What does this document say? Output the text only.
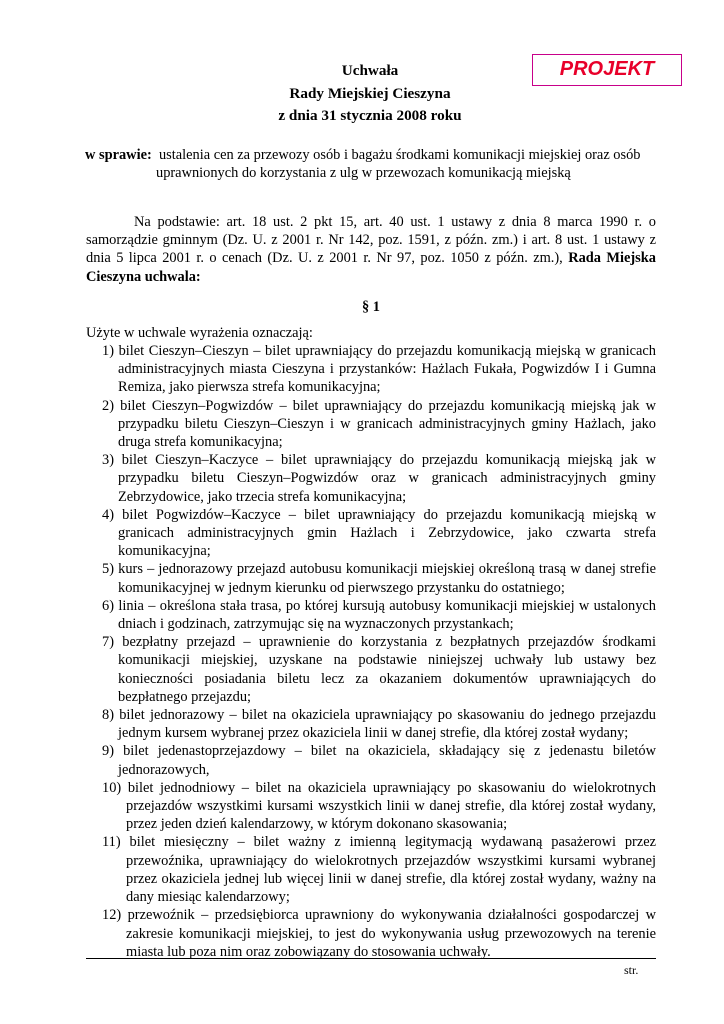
PROJEKT
Uchwała
Rady Miejskiej Cieszyna
z dnia 31 stycznia 2008 roku
w sprawie: ustalenia cen za przewozy osób i bagażu środkami komunikacji miejskiej oraz osób
uprawnionych do korzystania z ulg w przewozach komunikacją miejską
Na podstawie: art. 18 ust. 2 pkt 15, art. 40 ust. 1 ustawy z dnia 8 marca 1990 r. o samorządzie gminnym (Dz. U. z 2001 r. Nr 142, poz. 1591, z późn. zm.) i art. 8 ust. 1 ustawy z dnia 5 lipca 2001 r. o cenach (Dz. U. z 2001 r. Nr 97, poz. 1050 z późn. zm.), Rada Miejska Cieszyna uchwala:
§ 1
Użyte w uchwale wyrażenia oznaczają:
1) bilet Cieszyn–Cieszyn – bilet uprawniający do przejazdu komunikacją miejską w granicach administracyjnych miasta Cieszyna i przystanków: Hażlach Fukała, Pogwizdów I i Gumna Remiza, jako pierwsza strefa komunikacyjna;
2) bilet Cieszyn–Pogwizdów – bilet uprawniający do przejazdu komunikacją miejską jak w przypadku biletu Cieszyn–Cieszyn i w granicach administracyjnych gminy Hażlach, jako druga strefa komunikacyjna;
3) bilet Cieszyn–Kaczyce – bilet uprawniający do przejazdu komunikacją miejską jak w przypadku biletu Cieszyn–Pogwizdów oraz w granicach administracyjnych gminy Zebrzydowice, jako trzecia strefa komunikacyjna;
4) bilet Pogwizdów–Kaczyce – bilet uprawniający do przejazdu komunikacją miejską w granicach administracyjnych gmin Hażlach i Zebrzydowice, jako czwarta strefa komunikacyjna;
5) kurs – jednorazowy przejazd autobusu komunikacji miejskiej określoną trasą w danej strefie komunikacyjnej w jednym kierunku od pierwszego przystanku do ostatniego;
6) linia – określona stała trasa, po której kursują autobusy komunikacji miejskiej w ustalonych dniach i godzinach, zatrzymując się na wyznaczonych przystankach;
7) bezpłatny przejazd – uprawnienie do korzystania z bezpłatnych przejazdów środkami komunikacji miejskiej, uzyskane na podstawie niniejszej uchwały lub ustawy bez konieczności posiadania biletu lecz za okazaniem dokumentów uprawniających do bezpłatnego przejazdu;
8) bilet jednorazowy – bilet na okaziciela uprawniający po skasowaniu do jednego przejazdu jednym kursem wybranej przez okaziciela linii w danej strefie, dla której został wydany;
9) bilet jedenastoprzejazdowy – bilet na okaziciela, składający się z jedenastu biletów jednorazowych,
10) bilet jednodniowy – bilet na okaziciela uprawniający po skasowaniu do wielokrotnych przejazdów wszystkimi kursami wszystkich linii w danej strefie, dla której został wydany, przez jeden dzień kalendarzowy, w którym dokonano skasowania;
11) bilet miesięczny – bilet ważny z imienną legitymacją wydawaną pasażerowi przez przewoźnika, uprawniający do wielokrotnych przejazdów wszystkimi kursami wybranej przez okaziciela jednej lub więcej linii w danej strefie, dla której został wydany, ważny na dany miesiąc kalendarzowy;
12) przewoźnik – przedsiębiorca uprawniony do wykonywania działalności gospodarczej w zakresie komunikacji miejskiej, to jest do wykonywania usług przewozowych na terenie miasta lub poza nim oraz zobowiązany do stosowania uchwały.
str.
